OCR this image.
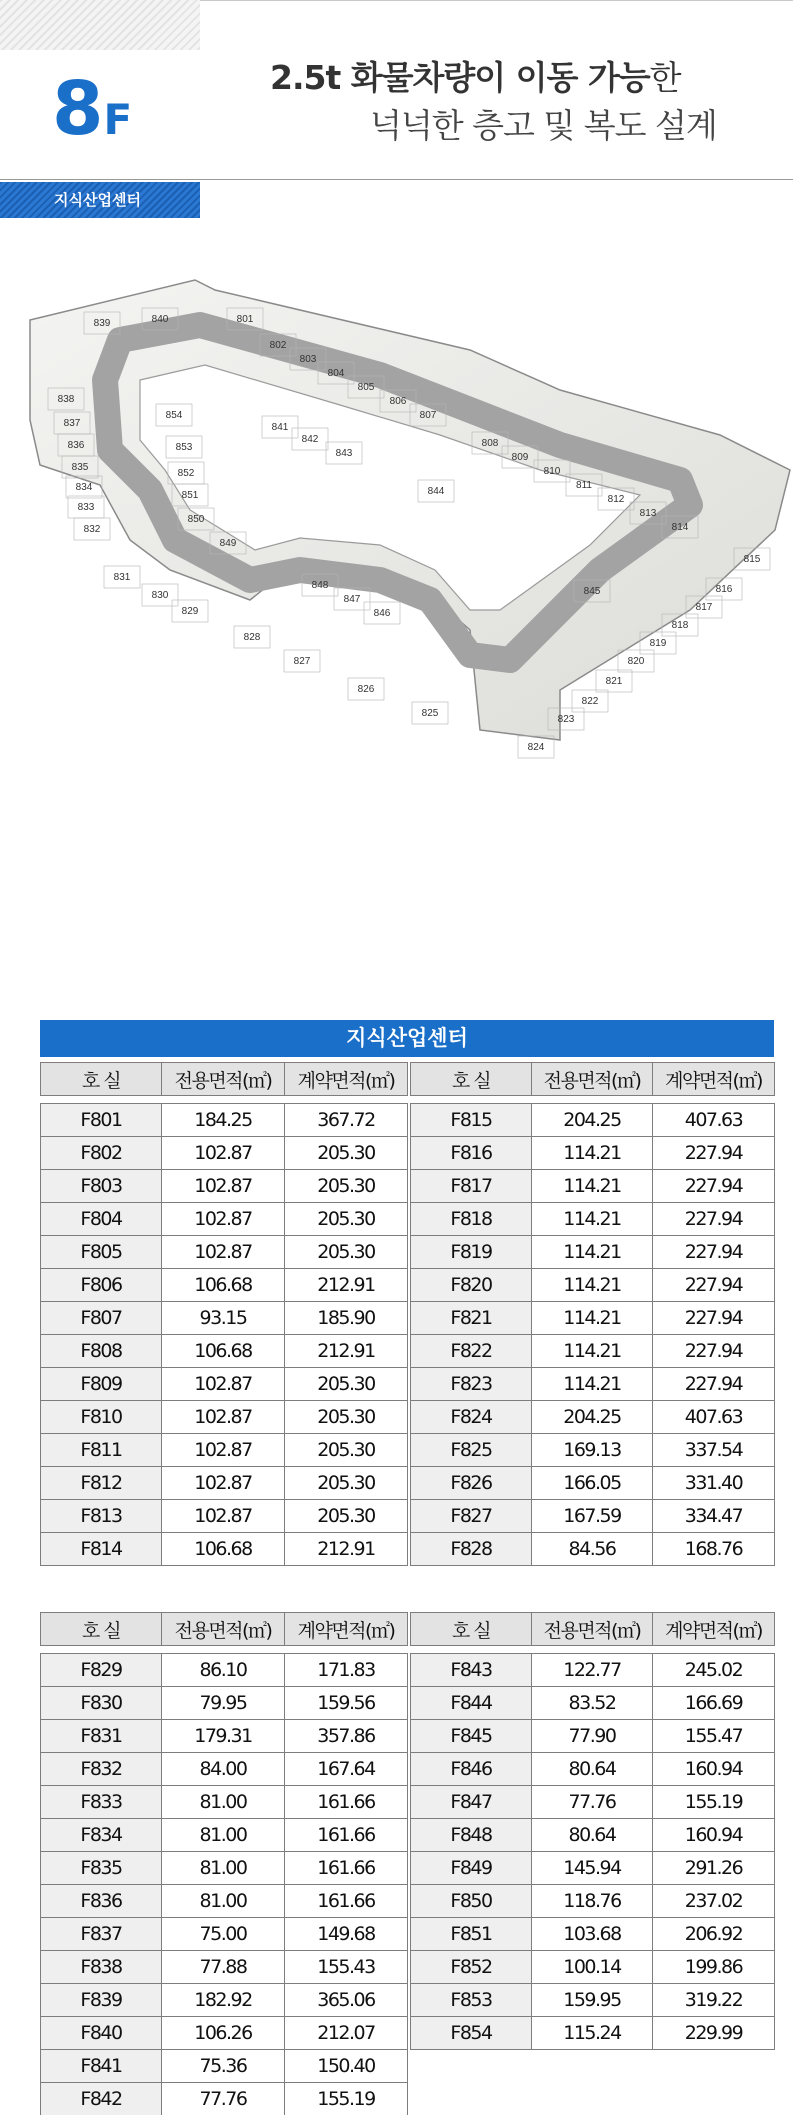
8F
2.5t 화물차량이 이동 가능한
넉넉한 층고 및 복도 설계
지식산업센터
801
802
803
804
805
806
807
808
809
810
811
812
813
814
815
816
817
818
819
820
821
822
823
824
825
826
827
828
829
830
831
832
833
834
835
836
837
838
839	840
841
842
843
844
845
846
847
848
849
850
851
852
853
854
지식산업센터
호 실	전용면적(㎡)	계약면적(㎡)

F801	184.25	367.72
F802	102.87	205.30
F803	102.87	205.30
F804	102.87	205.30
F805	102.87	205.30
F806	106.68	212.91
F807	93.15	185.90
F808	106.68	212.91
F809	102.87	205.30
F810	102.87	205.30
F811	102.87	205.30
F812	102.87	205.30
F813	102.87	205.30
F814	106.68	212.91
호 실	전용면적(㎡)	계약면적(㎡)

F815	204.25	407.63
F816	114.21	227.94
F817	114.21	227.94
F818	114.21	227.94
F819	114.21	227.94
F820	114.21	227.94
F821	114.21	227.94
F822	114.21	227.94
F823	114.21	227.94
F824	204.25	407.63
F825	169.13	337.54
F826	166.05	331.40
F827	167.59	334.47
F828	84.56	168.76
호 실	전용면적(㎡)	계약면적(㎡)

F829	86.10	171.83
F830	79.95	159.56
F831	179.31	357.86
F832	84.00	167.64
F833	81.00	161.66
F834	81.00	161.66
F835	81.00	161.66
F836	81.00	161.66
F837	75.00	149.68
F838	77.88	155.43
F839	182.92	365.06
F840	106.26	212.07
F841	75.36	150.40
F842	77.76	155.19
호 실	전용면적(㎡)	계약면적(㎡)

F843	122.77	245.02
F844	83.52	166.69
F845	77.90	155.47
F846	80.64	160.94
F847	77.76	155.19
F848	80.64	160.94
F849	145.94	291.26
F850	118.76	237.02
F851	103.68	206.92
F852	100.14	199.86
F853	159.95	319.22
F854	115.24	229.99
